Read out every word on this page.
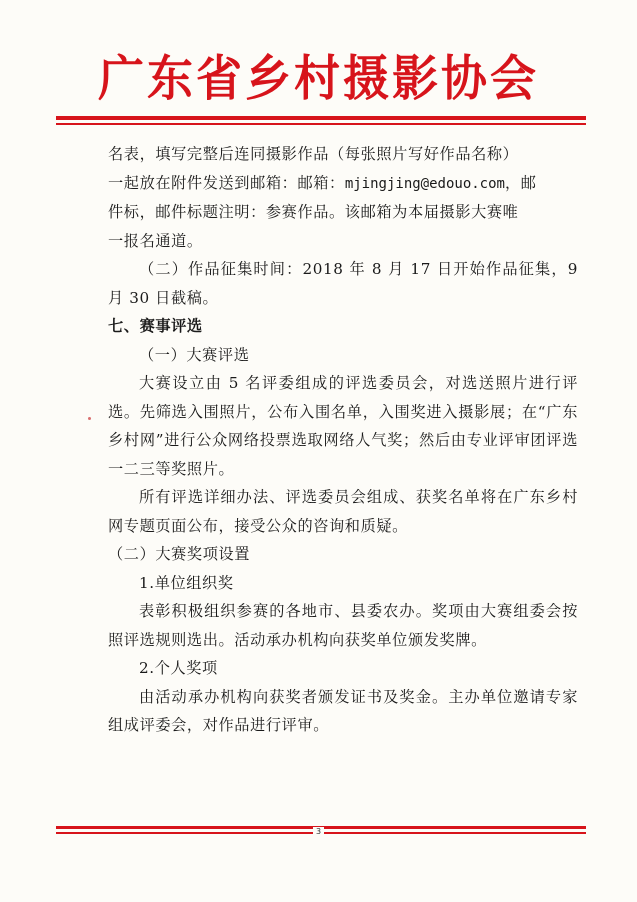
广东省乡村摄影协会

名表，填写完整后连同摄影作品（每张照片写好作品名称）

一起放在附件发送到邮箱：邮箱：mjingjing@edouo.com，邮

件标，邮件标题注明：参赛作品。该邮箱为本届摄影大赛唯

一报名通道。

（二）作品征集时间：2018 年 8 月 17 日开始作品征集，9 月 30 日截稿。

七、赛事评选

（一）大赛评选

大赛设立由 5 名评委组成的评选委员会，对选送照片进行评选。先筛选入围照片，公布入围名单，入围奖进入摄影展；在“广东乡村网”进行公众网络投票选取网络人气奖；然后由专业评审团评选一二三等奖照片。

所有评选详细办法、评选委员会组成、获奖名单将在广东乡村网专题页面公布，接受公众的咨询和质疑。

（二）大赛奖项设置

1.单位组织奖

表彰积极组织参赛的各地市、县委农办。奖项由大赛组委会按照评选规则选出。活动承办机构向获奖单位颁发奖牌。

2.个人奖项

由活动承办机构向获奖者颁发证书及奖金。主办单位邀请专家组成评委会，对作品进行评审。

3
